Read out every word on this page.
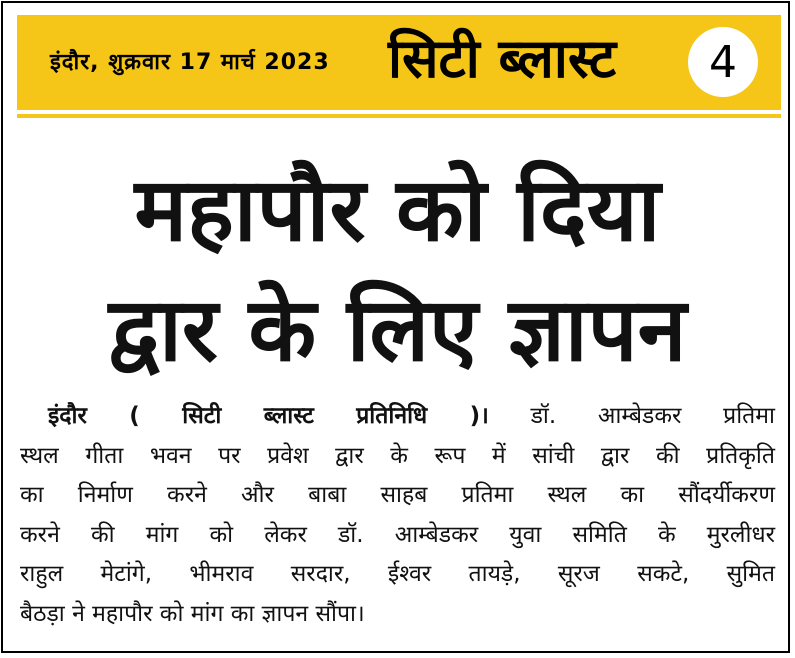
इंदौर, शुक्रवार 17 मार्च 2023 सिटी ब्लास्ट 4
महापौर को दिया
द्वार के लिए ज्ञापन
इंदौर ( सिटी ब्लास्ट प्रतिनिधि )। डॉ. आम्बेडकर प्रतिमा
स्थल गीता भवन पर प्रवेश द्वार के रूप में सांची द्वार की प्रतिकृति
का निर्माण करने और बाबा साहब प्रतिमा स्थल का सौंदर्यीकरण
करने की मांग को लेकर डॉ. आम्बेडकर युवा समिति के मुरलीधर
राहुल मेटांगे, भीमराव सरदार, ईश्वर तायड़े, सूरज सकटे, सुमित
बैठड़ा ने महापौर को मांग का ज्ञापन सौंपा।
